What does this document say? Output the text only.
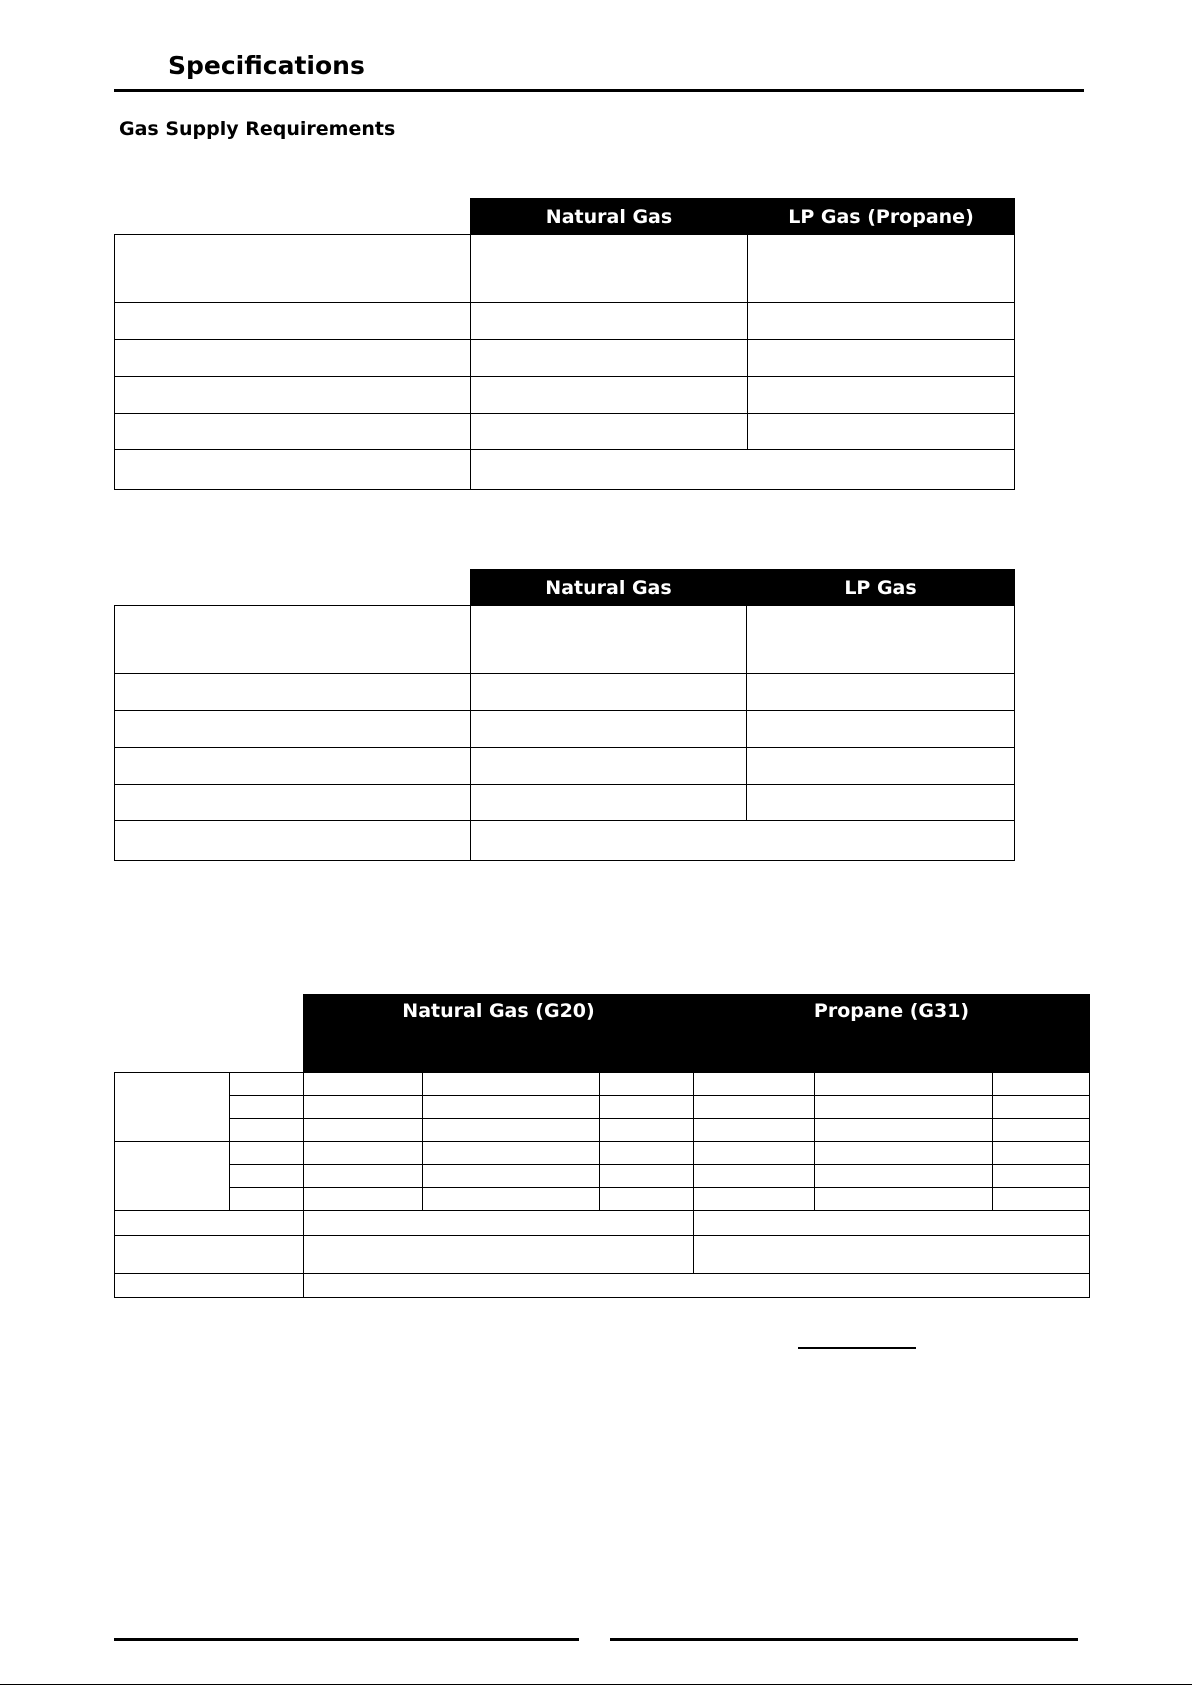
Specifications
Gas Supply Requirements
	Natural Gas	LP Gas (Propane)

	Natural Gas	LP Gas

		Natural Gas (G20)			Propane (G31)		
